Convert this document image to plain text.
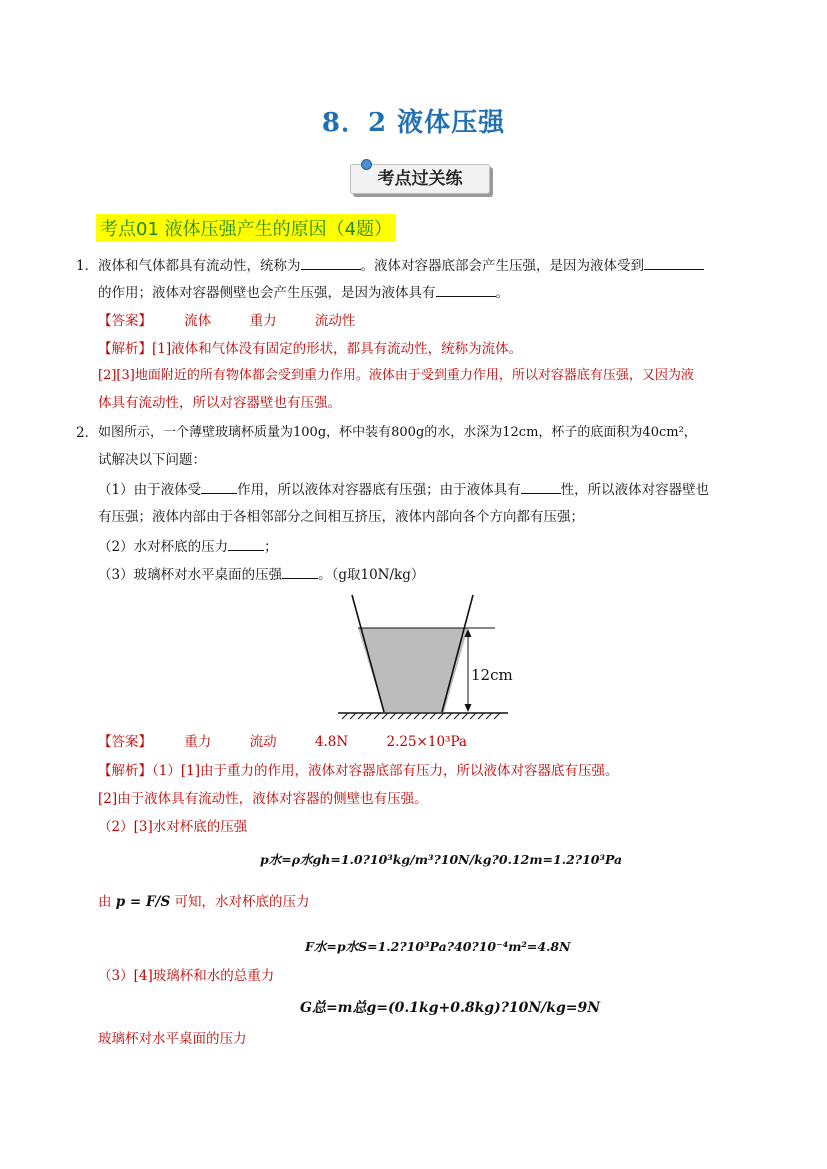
8．2 液体压强
考点过关练
考点01 液体压强产生的原因（4题）
1． 液体和气体都具有流动性，统称为	。液体对容器底部会产生压强，是因为液体受到
的作用；液体对容器侧壁也会产生压强，是因为液体具有	。
【答案】 流体	重力	流动性
【解析】[1]液体和气体没有固定的形状，都具有流动性，统称为流体。
[2][3]地面附近的所有物体都会受到重力作用。液体由于受到重力作用，所以对容器底有压强，又因为液
体具有流动性，所以对容器壁也有压强。
2． 如图所示，一个薄壁玻璃杯质量为100g，杯中装有800g的水，水深为12cm，杯子的底面积为40cm²，
试解决以下问题：
（1）由于液体受	作用，所以液体对容器底有压强；由于液体具有	性，所以液体对容器壁也
有压强；液体内部由于各相邻部分之间相互挤压，液体内部向各个方向都有压强；
（2）水对杯底的压力	；
（3）玻璃杯对水平桌面的压强	。（g取10N/kg）
12cm
【答案】 重力	流动	4.8N	2.25×10³Pa
【解析】（1）[1]由于重力的作用，液体对容器底部有压力，所以液体对容器底有压强。
[2]由于液体具有流动性，液体对容器的侧壁也有压强。
（2）[3]水对杯底的压强
p水=ρ水gh=1.0?10³kg/m³?10N/kg?0.12m=1.2?10³Pa
由 p = F/S 可知，水对杯底的压力
F水=p水S=1.2?10³Pa?40?10⁻⁴m²=4.8N
（3）[4]玻璃杯和水的总重力
G总=m总g=(0.1kg+0.8kg)?10N/kg=9N
玻璃杯对水平桌面的压力
